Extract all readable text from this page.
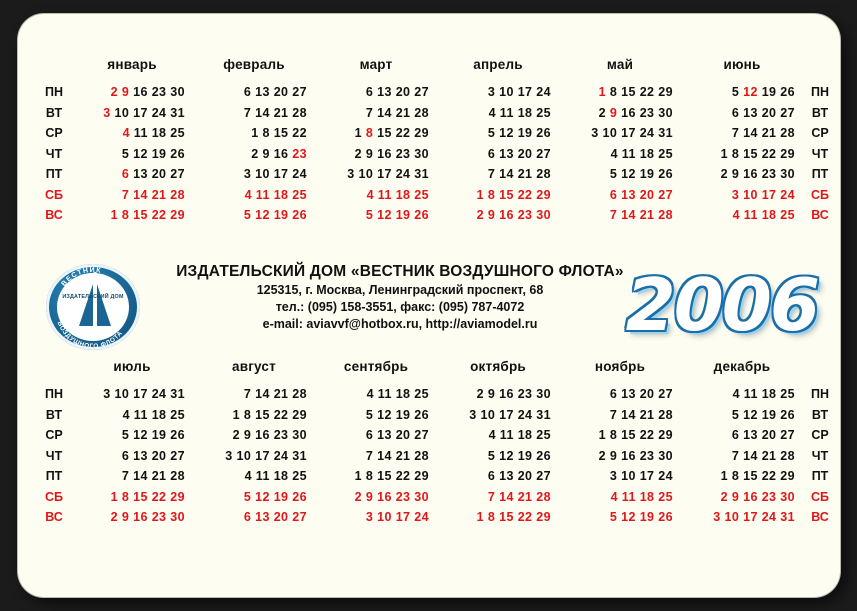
ПН
ВТ
СР
ЧТ
ПТ
СБ
ВС
январь
2 9 16 23 30
3 10 17 24 31
4 11 18 25
5 12 19 26
6 13 20 27
7 14 21 28
1 8 15 22 29
февраль
6 13 20 27
7 14 21 28
1 8 15 22
2 9 16 23
3 10 17 24
4 11 18 25
5 12 19 26
март
6 13 20 27
7 14 21 28
1 8 15 22 29
2 9 16 23 30
3 10 17 24 31
4 11 18 25
5 12 19 26
апрель
3 10 17 24
4 11 18 25
5 12 19 26
6 13 20 27
7 14 21 28
1 8 15 22 29
2 9 16 23 30
май
1 8 15 22 29
2 9 16 23 30
3 10 17 24 31
4 11 18 25
5 12 19 26
6 13 20 27
7 14 21 28
июнь
5 12 19 26
6 13 20 27
7 14 21 28
1 8 15 22 29
2 9 16 23 30
3 10 17 24
4 11 18 25
ПН
ВТ
СР
ЧТ
ПТ
СБ
ВС
ВЕСТНИК
ВОЗДУШНОГО ФЛОТА
ИЗДАТЕЛЬСКИЙ ДОМ
ИЗДАТЕЛЬСКИЙ ДОМ «ВЕСТНИК ВОЗДУШНОГО ФЛОТА»
125315, г. Москва, Ленинградский проспект, 68
тел.: (095) 158-3551, факс: (095) 787-4072
e-mail: aviavvf@hotbox.ru, http://aviamodel.ru	2006
ПН
ВТ
СР
ЧТ
ПТ
СБ
ВС
июль
3 10 17 24 31
4 11 18 25
5 12 19 26
6 13 20 27
7 14 21 28
1 8 15 22 29
2 9 16 23 30
август
7 14 21 28
1 8 15 22 29
2 9 16 23 30
3 10 17 24 31
4 11 18 25
5 12 19 26
6 13 20 27
сентябрь
4 11 18 25
5 12 19 26
6 13 20 27
7 14 21 28
1 8 15 22 29
2 9 16 23 30
3 10 17 24
октябрь
2 9 16 23 30
3 10 17 24 31
4 11 18 25
5 12 19 26
6 13 20 27
7 14 21 28
1 8 15 22 29
ноябрь
6 13 20 27
7 14 21 28
1 8 15 22 29
2 9 16 23 30
3 10 17 24
4 11 18 25
5 12 19 26
декабрь
4 11 18 25
5 12 19 26
6 13 20 27
7 14 21 28
1 8 15 22 29
2 9 16 23 30
3 10 17 24 31
ПН
ВТ
СР
ЧТ
ПТ
СБ
ВС
